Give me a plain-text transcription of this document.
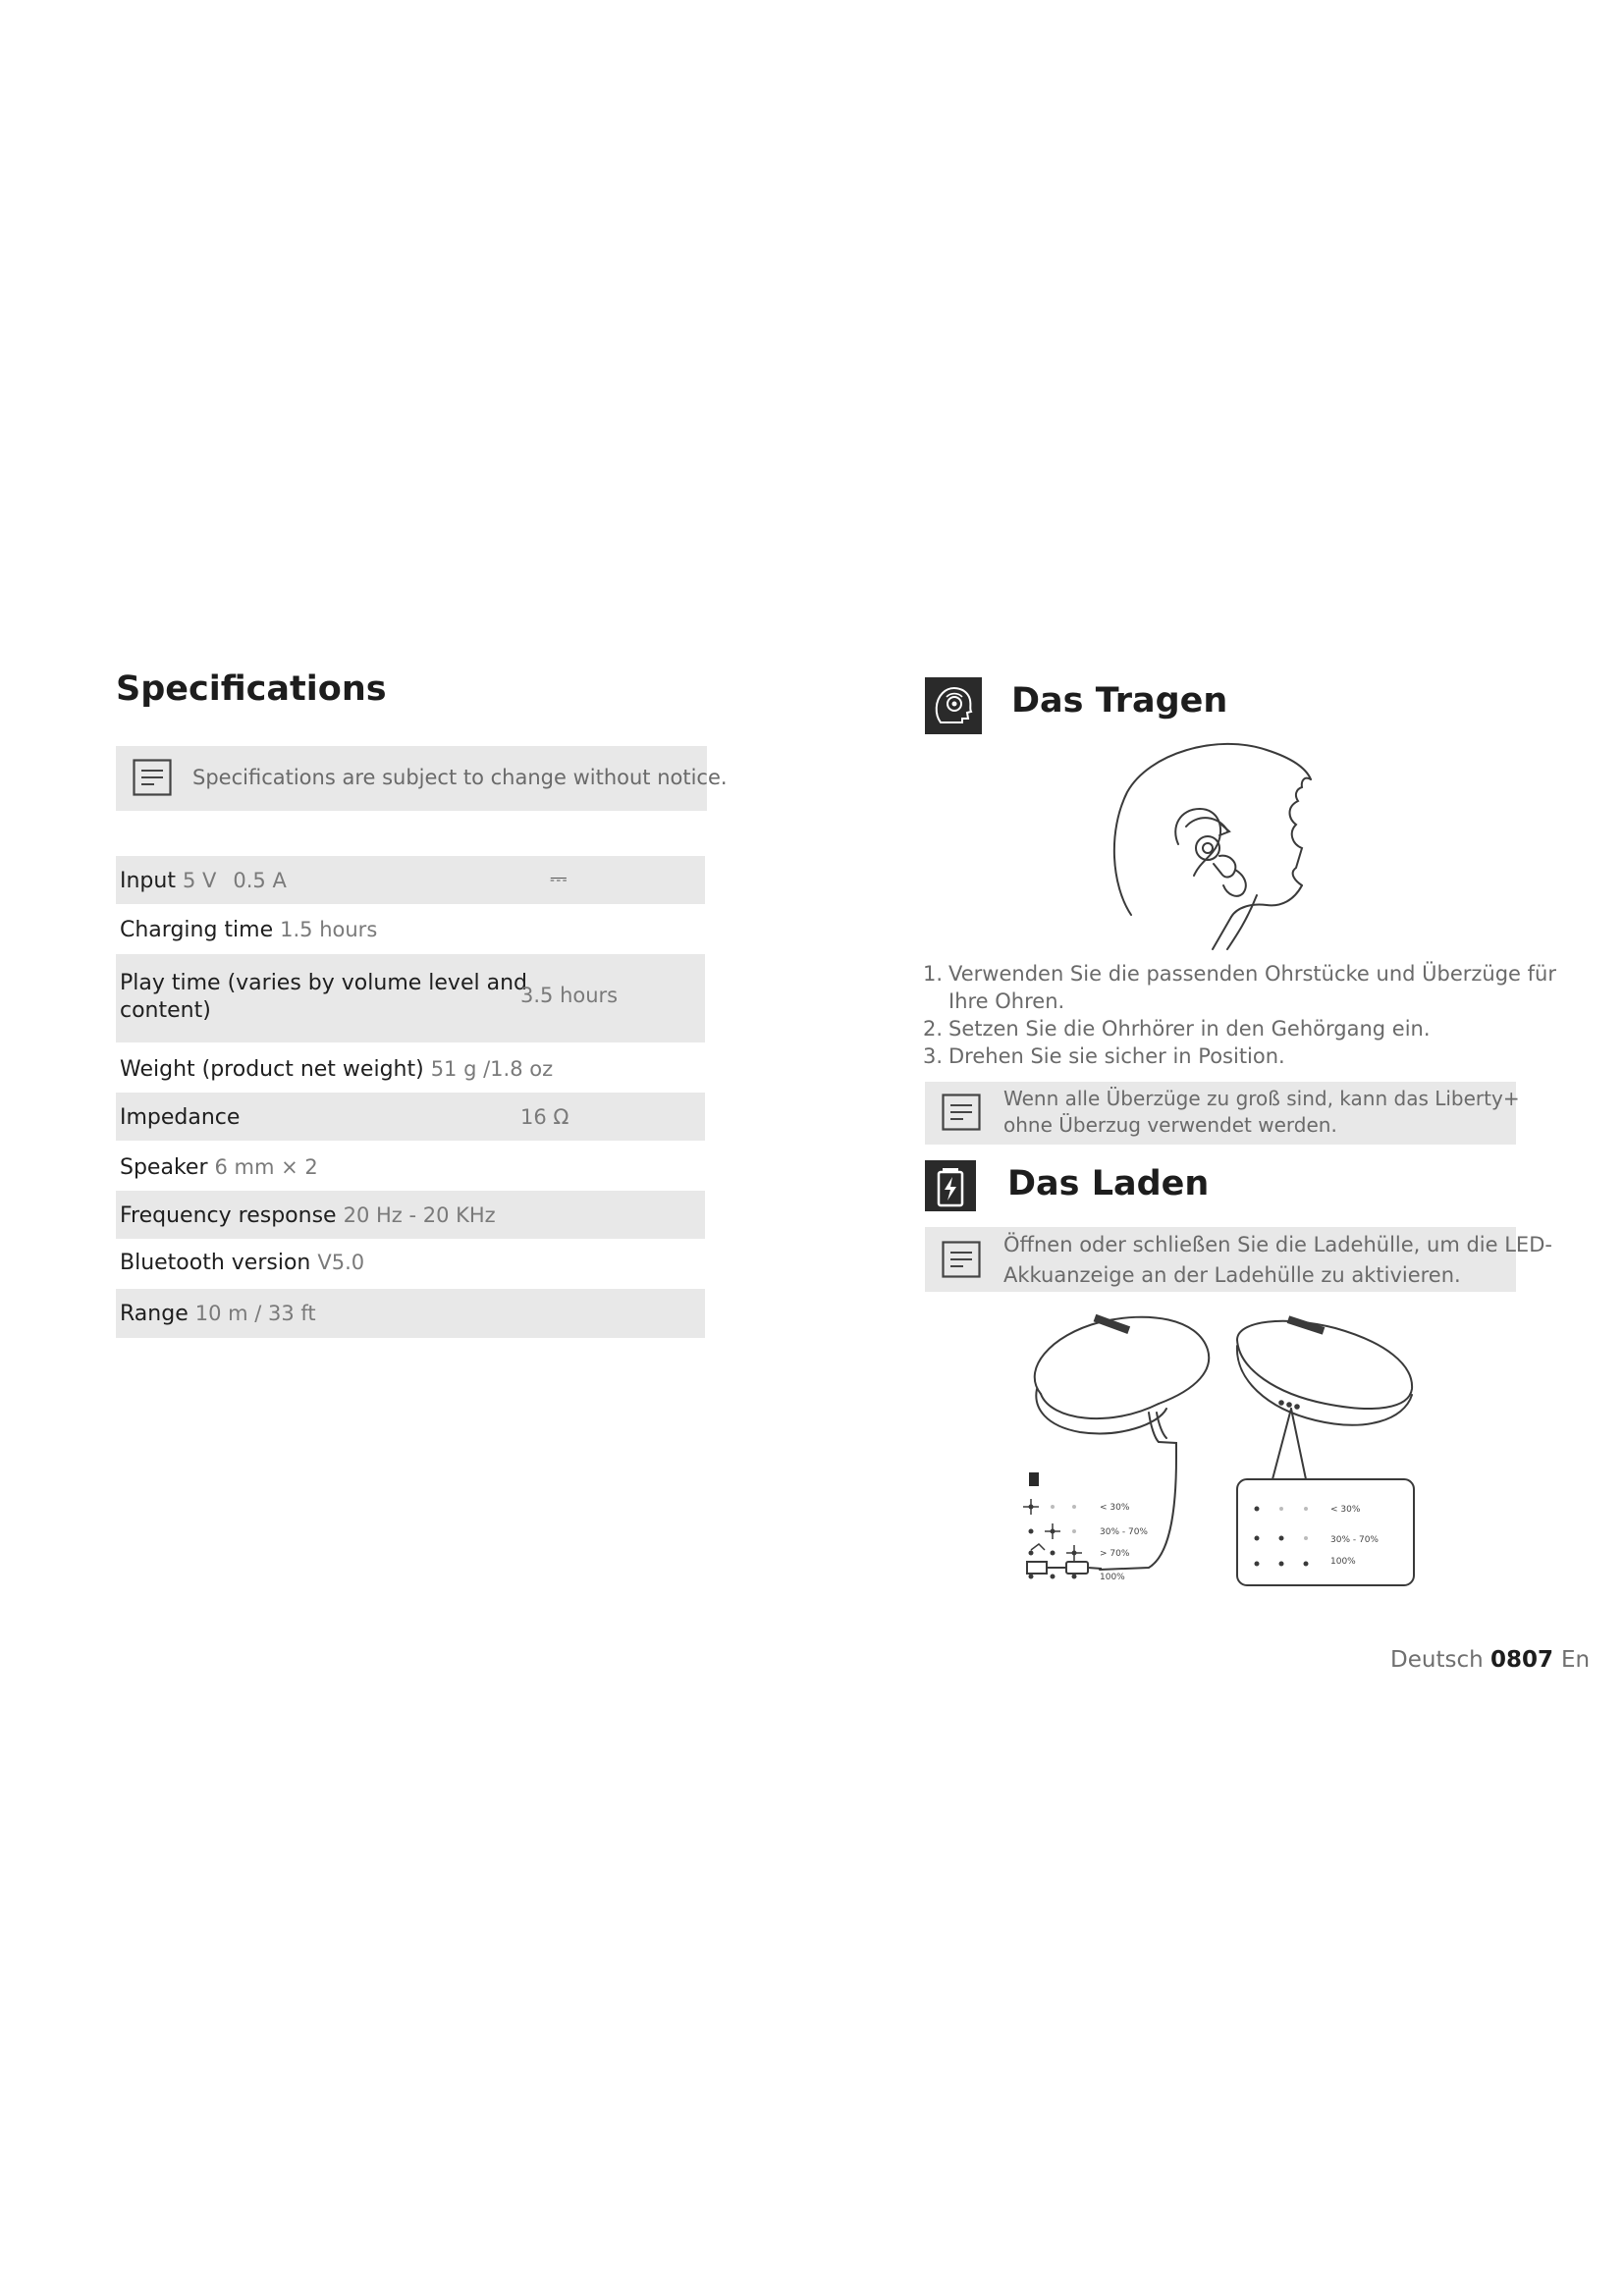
Specifications
Specifications are subject to change without notice.
Input 5 V 0.5 A	⎓
Charging time 1.5 hours
Play time (varies by volume level and
content)
3.5 hours
Weight (product net weight) 51 g /1.8 oz
Impedance	16 Ω
Speaker 6 mm × 2
Frequency response 20 Hz - 20 KHz
Bluetooth version V5.0
Range 10 m / 33 ft
Das Tragen
1. Verwenden Sie die passenden Ohrstücke und Überzüge für
Ihre Ohren.
2. Setzen Sie die Ohrhörer in den Gehörgang ein.
3. Drehen Sie sie sicher in Position.
Wenn alle Überzüge zu groß sind, kann das Liberty+
ohne Überzug verwendet werden.
Das Laden
Öffnen oder schließen Sie die Ladehülle, um die LED-
Akkuanzeige an der Ladehülle zu aktivieren.
< 30%
30% - 70%
> 70%
100%
< 30%
30% - 70%
100%
Deutsch 0807 En
